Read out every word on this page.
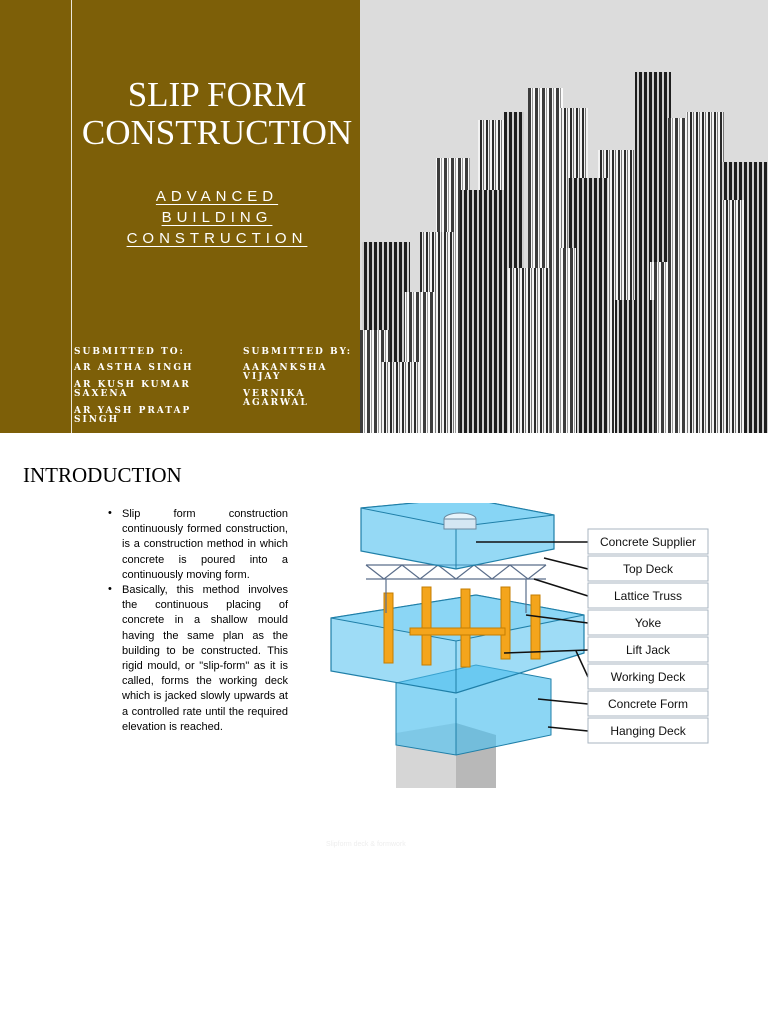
SLIP FORM
CONSTRUCTION
ADVANCED
BUILDING
CONSTRUCTION
SUBMITTED TO:
AR ASTHA SINGH
AR KUSH KUMAR SAXENA
AR YASH PRATAP SINGH
SUBMITTED BY:
AAKANKSHA VIJAY
VERNIKA AGARWAL
INTRODUCTION
• Slip form construction continuously formed construction, is a construction method in which concrete is poured into a continuously moving form.
• Basically, this method involves the continuous placing of concrete in a shallow mould having the same plan as the building to be constructed. This rigid mould, or "slip-form" as it is called, forms the working deck which is jacked slowly upwards at a controlled rate until the required elevation is reached.
Concrete Supplier
Top Deck
Lattice Truss
Yoke
Lift Jack
Working Deck
Concrete Form
Hanging Deck
Slipform deck & formwork
